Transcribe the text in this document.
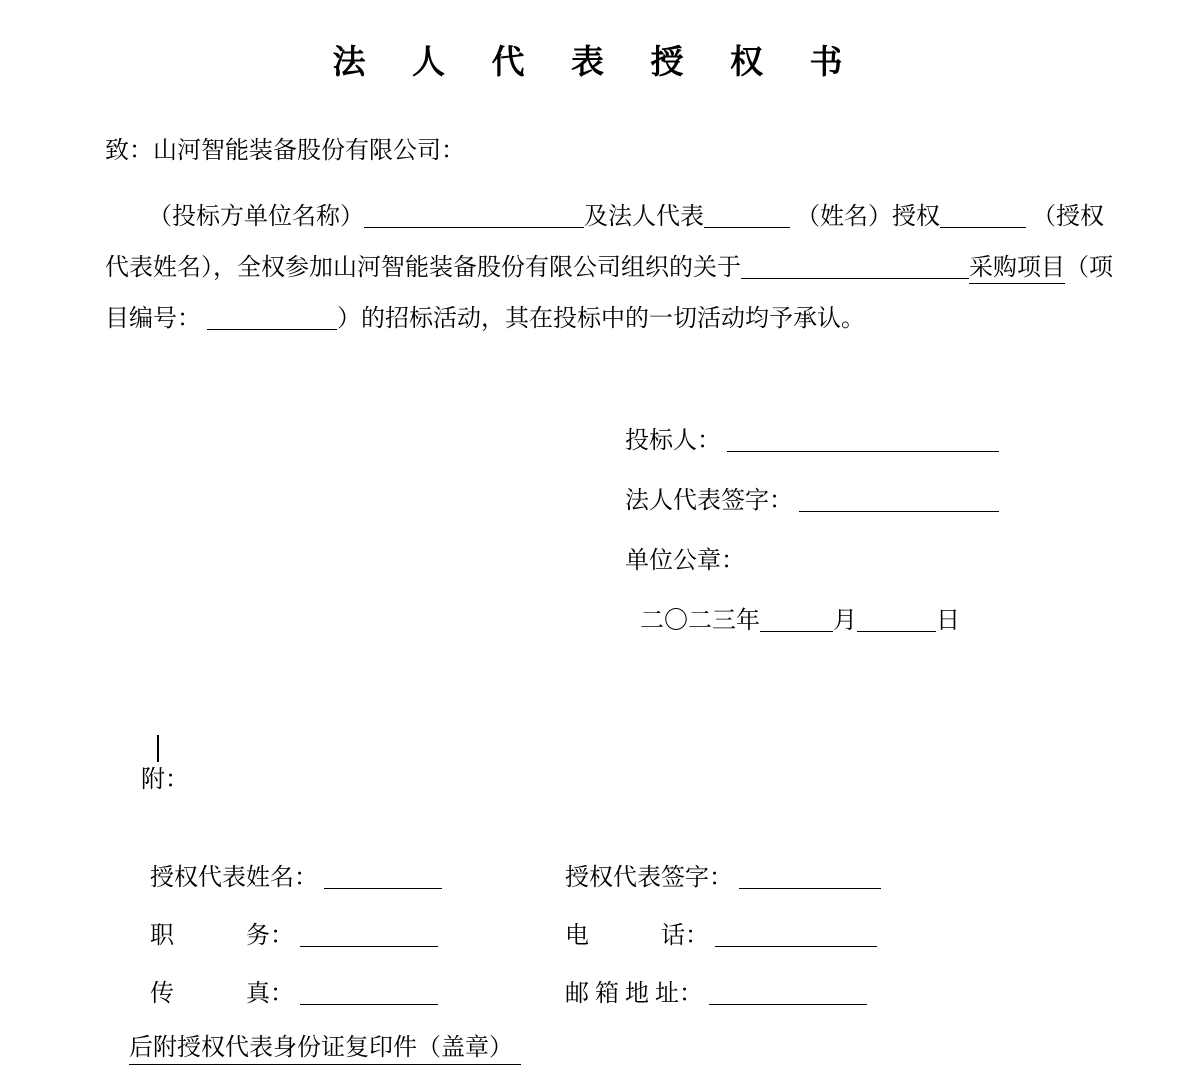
法  人  代  表  授  权  书
致：山河智能装备股份有限公司：
（投标方单位名称）	及法人代表	（姓名）授权	（授权
代表姓名），全权参加山河智能装备股份有限公司组织的关于	采购项目（项
目编号：	）的招标活动，其在投标中的一切活动均予承认。
投标人：
法人代表签字：
单位公章：
二〇二三年	月	日

附：

授权代表姓名：	授权代表签字：
职　　　务：	电　　　话：
传　　　真：	邮 箱 地 址：

后附授权代表身份证复印件（盖章）
